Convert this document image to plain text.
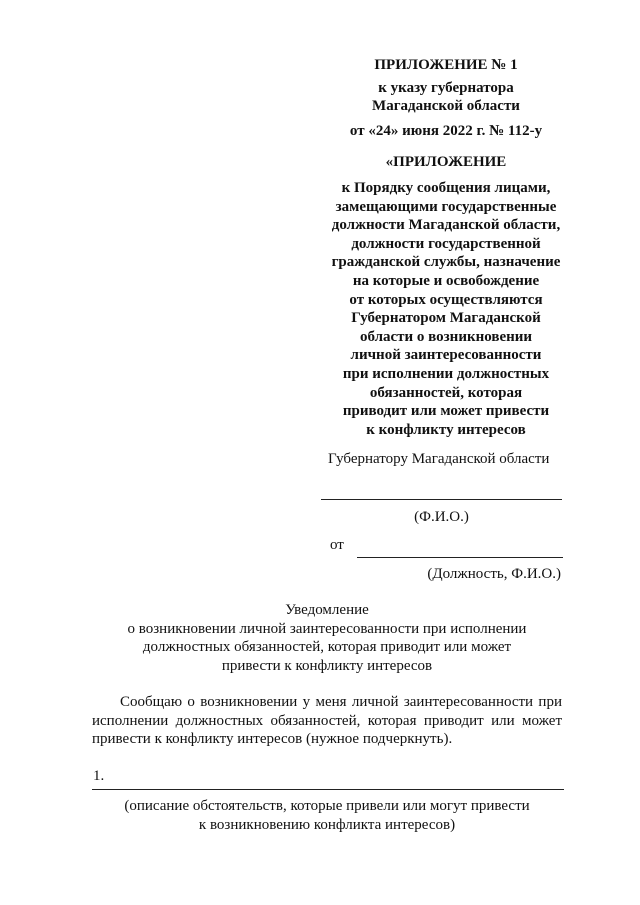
ПРИЛОЖЕНИЕ № 1
к указу губернатора
Магаданской области
от «24» июня 2022 г. № 112-у
«ПРИЛОЖЕНИЕ
к Порядку сообщения лицами,
замещающими государственные
должности Магаданской области,
должности государственной
гражданской службы, назначение
на которые и освобождение
от которых осуществляются
Губернатором Магаданской
области о возникновении
личной заинтересованности
при исполнении должностных
обязанностей, которая
приводит или может привести
к конфликту интересов
Губернатору Магаданской области
(Ф.И.О.)
от
(Должность, Ф.И.О.)
Уведомление
о возникновении личной заинтересованности при исполнении
должностных обязанностей, которая приводит или может
привести к конфликту интересов
Сообщаю о возникновении у меня личной заинтересованности при исполнении должностных обязанностей, которая приводит или может привести к конфликту интересов (нужное подчеркнуть).
1.
(описание обстоятельств, которые привели или могут привести
к возникновению конфликта интересов)
